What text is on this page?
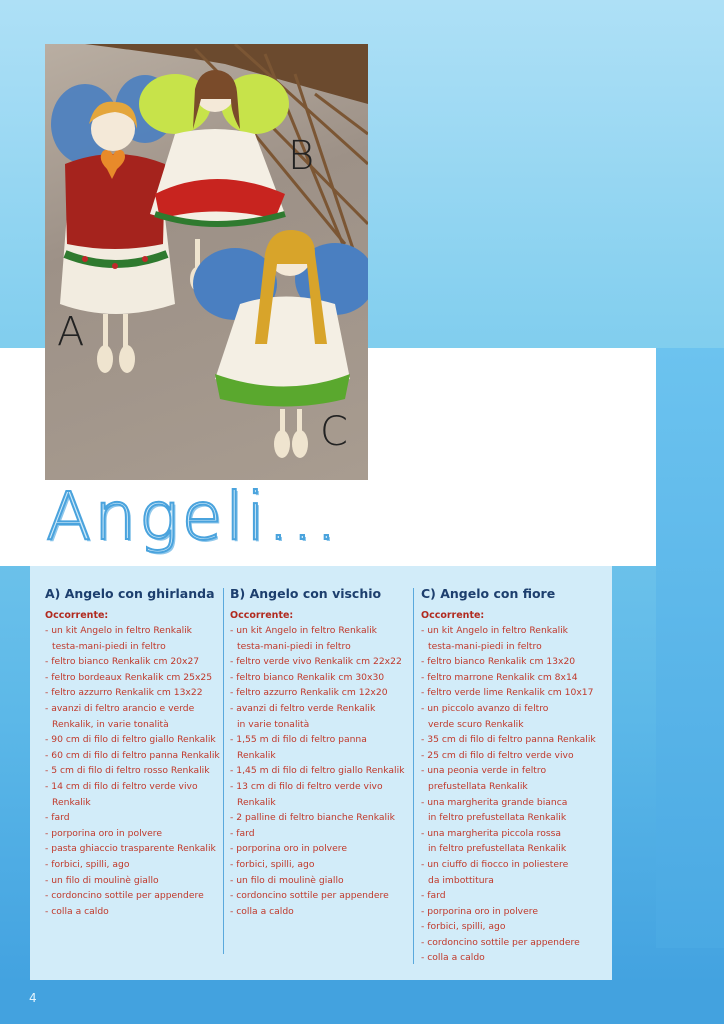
A
B
C
Angeli...
A) Angelo con ghirlanda
Occorrente:
- un kit Angelo in feltro Renkalik
testa-mani-piedi in feltro
- feltro bianco Renkalik cm 20x27
- feltro bordeaux Renkalik cm 25x25
- feltro azzurro Renkalik cm 13x22
- avanzi di feltro arancio e verde
Renkalik, in varie tonalità
- 90 cm di filo di feltro giallo Renkalik
- 60 cm di filo di feltro panna Renkalik
- 5 cm di filo di feltro rosso Renkalik
- 14 cm di filo di feltro verde vivo
Renkalik
- fard
- porporina oro in polvere
- pasta ghiaccio trasparente Renkalik
- forbici, spilli, ago
- un filo di moulinè giallo
- cordoncino sottile per appendere
- colla a caldo
B) Angelo con vischio
Occorrente:
- un kit Angelo in feltro Renkalik
testa-mani-piedi in feltro
- feltro verde vivo Renkalik cm 22x22
- feltro bianco Renkalik cm 30x30
- feltro azzurro Renkalik cm 12x20
- avanzi di feltro verde Renkalik
in varie tonalità
- 1,55 m di filo di feltro panna Renkalik
- 1,45 m di filo di feltro giallo Renkalik
- 13 cm di filo di feltro verde vivo
Renkalik
- 2 palline di feltro bianche Renkalik
- fard
- porporina oro in polvere
- forbici, spilli, ago
- un filo di moulinè giallo
- cordoncino sottile per appendere
- colla a caldo
C) Angelo con fiore
Occorrente:
- un kit Angelo in feltro Renkalik
testa-mani-piedi in feltro
- feltro bianco Renkalik cm 13x20
- feltro marrone Renkalik cm 8x14
- feltro verde lime Renkalik cm 10x17
- un piccolo avanzo di feltro
verde scuro Renkalik
- 35 cm di filo di feltro panna Renkalik
- 25 cm di filo di feltro verde vivo
- una peonia verde in feltro
prefustellata Renkalik
- una margherita grande bianca
in feltro prefustellata Renkalik
- una margherita piccola rossa
in feltro prefustellata Renkalik
- un ciuffo di fiocco in poliestere
da imbottitura
- fard
- porporina oro in polvere
- forbici, spilli, ago
- cordoncino sottile per appendere
- colla a caldo
4
